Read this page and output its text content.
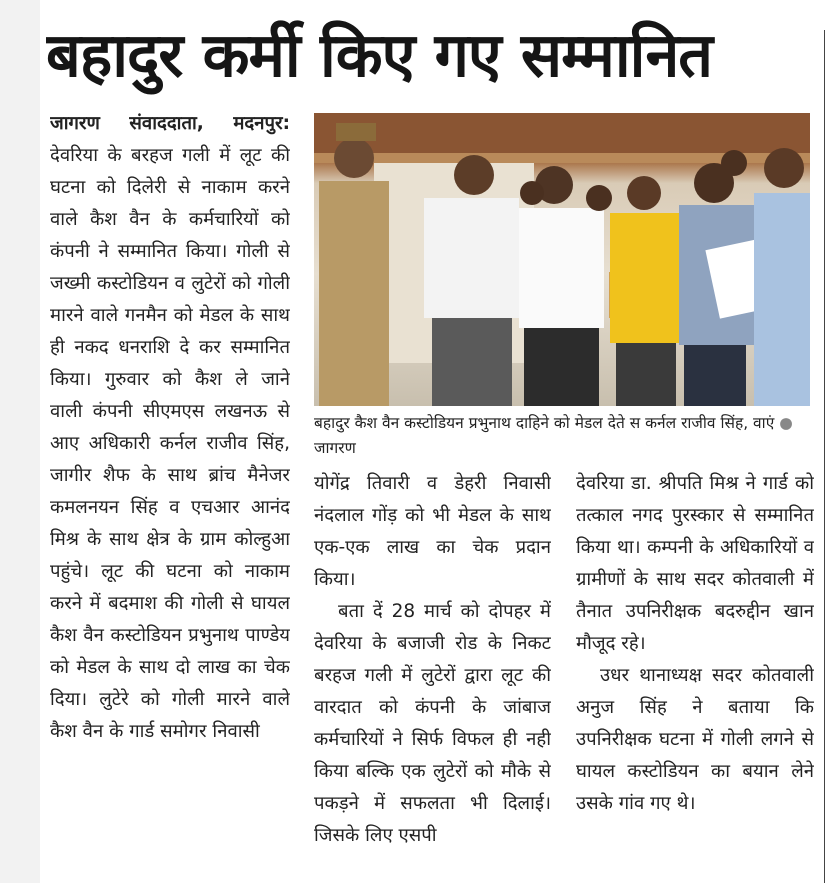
बहादुर कर्मी किए गए सम्मानित

जागरण संवाददाता, मदनपुर: देवरिया के बरहज गली में लूट की घटना को दिलेरी से नाकाम करने वाले कैश वैन के कर्मचारियों को कंपनी ने सम्मानित किया। गोली से जख्मी कस्टोडियन व लुटेरों को गोली मारने वाले गनमैन को मेडल के साथ ही नकद धनराशि दे कर सम्मानित किया। गुरुवार को कैश ले जाने वाली कंपनी सीएमएस लखनऊ से आए अधिकारी कर्नल राजीव सिंह, जागीर शैफ के साथ ब्रांच मैनेजर कमलनयन सिंह व एचआर आनंद मिश्र के साथ क्षेत्र के ग्राम कोल्हुआ पहुंचे। लूट की घटना को नाकाम करने में बदमाश की गोली से घायल कैश वैन कस्टोडियन प्रभुनाथ पाण्डेय को मेडल के साथ दो लाख का चेक दिया। लुटेरे को गोली मारने वाले कैश वैन के गार्ड समोगर निवासी

बहादुर कैश वैन कस्टोडियन प्रभुनाथ दाहिने को मेडल देते स कर्नल राजीव सिंह, वाएं ● जागरण

योगेंद्र तिवारी व डेहरी निवासी नंदलाल गोंड़ को भी मेडल के साथ एक-एक लाख का चेक प्रदान किया।

बता दें 28 मार्च को दोपहर में देवरिया के बजाजी रोड के निकट बरहज गली में लुटेरों द्वारा लूट की वारदात को कंपनी के जांबाज कर्मचारियों ने सिर्फ विफल ही नही किया बल्कि एक लुटेरों को मौके से पकड़ने में सफलता भी दिलाई। जिसके लिए एसपी

देवरिया डा. श्रीपति मिश्र ने गार्ड को तत्काल नगद पुरस्कार से सम्मानित किया था। कम्पनी के अधिकारियों व ग्रामीणों के साथ सदर कोतवाली में तैनात उपनिरीक्षक बदरुद्दीन खान मौजूद रहे।

उधर थानाध्यक्ष सदर कोतवाली अनुज सिंह ने बताया कि उपनिरीक्षक घटना में गोली लगने से घायल कस्टोडियन का बयान लेने उसके गांव गए थे।
